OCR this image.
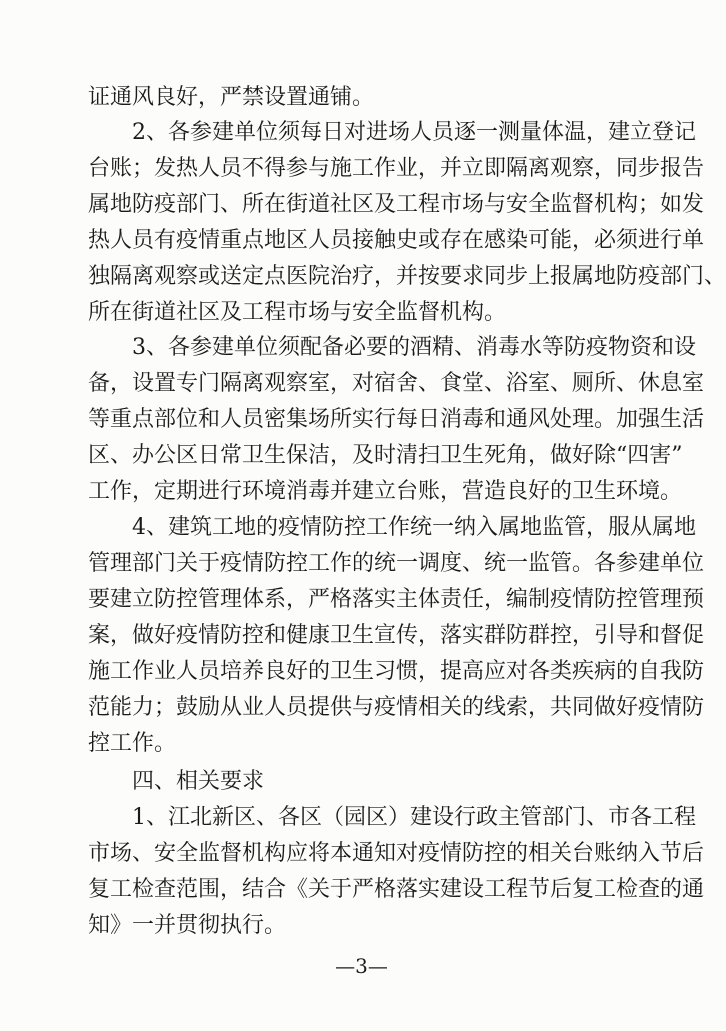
证通风良好，严禁设置通铺。
2、各参建单位须每日对进场人员逐一测量体温，建立登记
台账；发热人员不得参与施工作业，并立即隔离观察，同步报告
属地防疫部门、所在街道社区及工程市场与安全监督机构；如发
热人员有疫情重点地区人员接触史或存在感染可能，必须进行单
独隔离观察或送定点医院治疗，并按要求同步上报属地防疫部门、
所在街道社区及工程市场与安全监督机构。
3、各参建单位须配备必要的酒精、消毒水等防疫物资和设
备，设置专门隔离观察室，对宿舍、食堂、浴室、厕所、休息室
等重点部位和人员密集场所实行每日消毒和通风处理。加强生活
区、办公区日常卫生保洁，及时清扫卫生死角，做好除“四害”
工作，定期进行环境消毒并建立台账，营造良好的卫生环境。
4、建筑工地的疫情防控工作统一纳入属地监管，服从属地
管理部门关于疫情防控工作的统一调度、统一监管。各参建单位
要建立防控管理体系，严格落实主体责任，编制疫情防控管理预
案，做好疫情防控和健康卫生宣传，落实群防群控，引导和督促
施工作业人员培养良好的卫生习惯，提高应对各类疾病的自我防
范能力；鼓励从业人员提供与疫情相关的线索，共同做好疫情防
控工作。
四、相关要求
1、江北新区、各区（园区）建设行政主管部门、市各工程
市场、安全监督机构应将本通知对疫情防控的相关台账纳入节后
复工检查范围，结合《关于严格落实建设工程节后复工检查的通
知》一并贯彻执行。
—3—
